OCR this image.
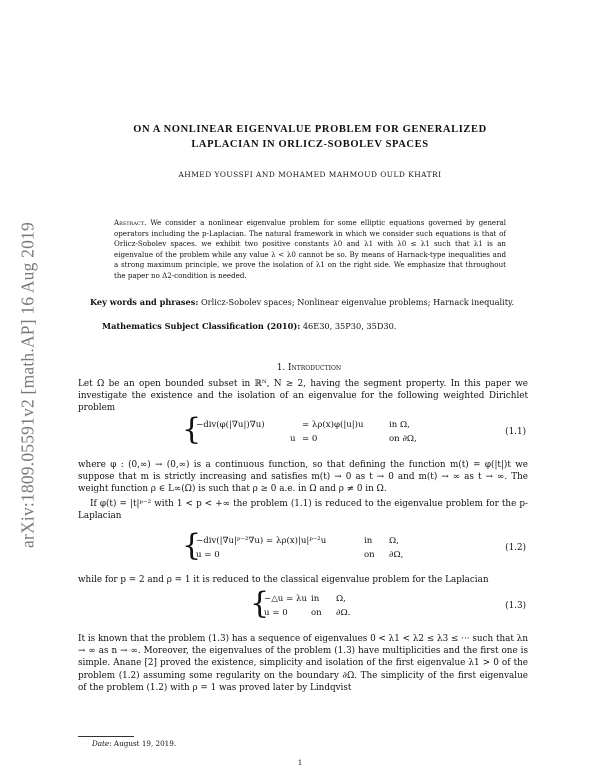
arXiv:1809.05591v2 [math.AP] 16 Aug 2019
ON A NONLINEAR EIGENVALUE PROBLEM FOR GENERALIZED
LAPLACIAN IN ORLICZ-SOBOLEV SPACES
AHMED YOUSSFI AND MOHAMED MAHMOUD OULD KHATRI
Abstract. We consider a nonlinear eigenvalue problem for some elliptic equations governed by general operators including the p-Laplacian. The natural framework in which we consider such equations is that of Orlicz-Sobolev spaces. we exhibit two positive constants λ0 and λ1 with λ0 ≤ λ1 such that λ1 is an eigenvalue of the problem while any value λ < λ0 cannot be so. By means of Harnack-type inequalities and a strong maximum principle, we prove the isolation of λ1 on the right side. We emphasize that throughout the paper no Δ2-condition is needed.
Key words and phrases: Orlicz-Sobolev spaces; Nonlinear eigenvalue problems; Harnack inequality.
Mathematics Subject Classification (2010): 46E30, 35P30, 35D30.
1. Introduction
Let Ω be an open bounded subset in ℝᴺ, N ≥ 2, having the segment property. In this paper we investigate the existence and the isolation of an eigenvalue for the following weighted Dirichlet problem
{
−div(φ(|∇u|)∇u)	= λρ(x)φ(|u|)u	in Ω,
u = 0	on ∂Ω,
(1.1)
where φ : (0,∞) → (0,∞) is a continuous function, so that defining the function m(t) = φ(|t|)t we suppose that m is strictly increasing and satisfies m(t) → 0 as t → 0 and m(t) → ∞ as t → ∞. The weight function ρ ∈ L∞(Ω) is such that ρ ≥ 0 a.e. in Ω and ρ ≠ 0 in Ω.
If φ(t) = |t|ᵖ⁻² with 1 < p < +∞ the problem (1.1) is reduced to the eigenvalue problem for the p-Laplacian
{
−div(|∇u|ᵖ⁻²∇u) = λρ(x)|u|ᵖ⁻²u	in Ω,
u = 0	on ∂Ω,
(1.2)
while for p = 2 and ρ = 1 it is reduced to the classical eigenvalue problem for the Laplacian
{
−△u = λu in Ω,
u = 0	on ∂Ω.
(1.3)
It is known that the problem (1.3) has a sequence of eigenvalues 0 < λ1 < λ2 ≤ λ3 ≤ ··· such that λn → ∞ as n → ∞. Moreover, the eigenvalues of the problem (1.3) have multiplicities and the first one is simple. Anane [2] proved the existence, simplicity and isolation of the first eigenvalue λ1 > 0 of the problem (1.2) assuming some regularity on the boundary ∂Ω. The simplicity of the first eigenvalue of the problem (1.2) with ρ = 1 was proved later by Lindqvist
Date: August 19, 2019.
1
